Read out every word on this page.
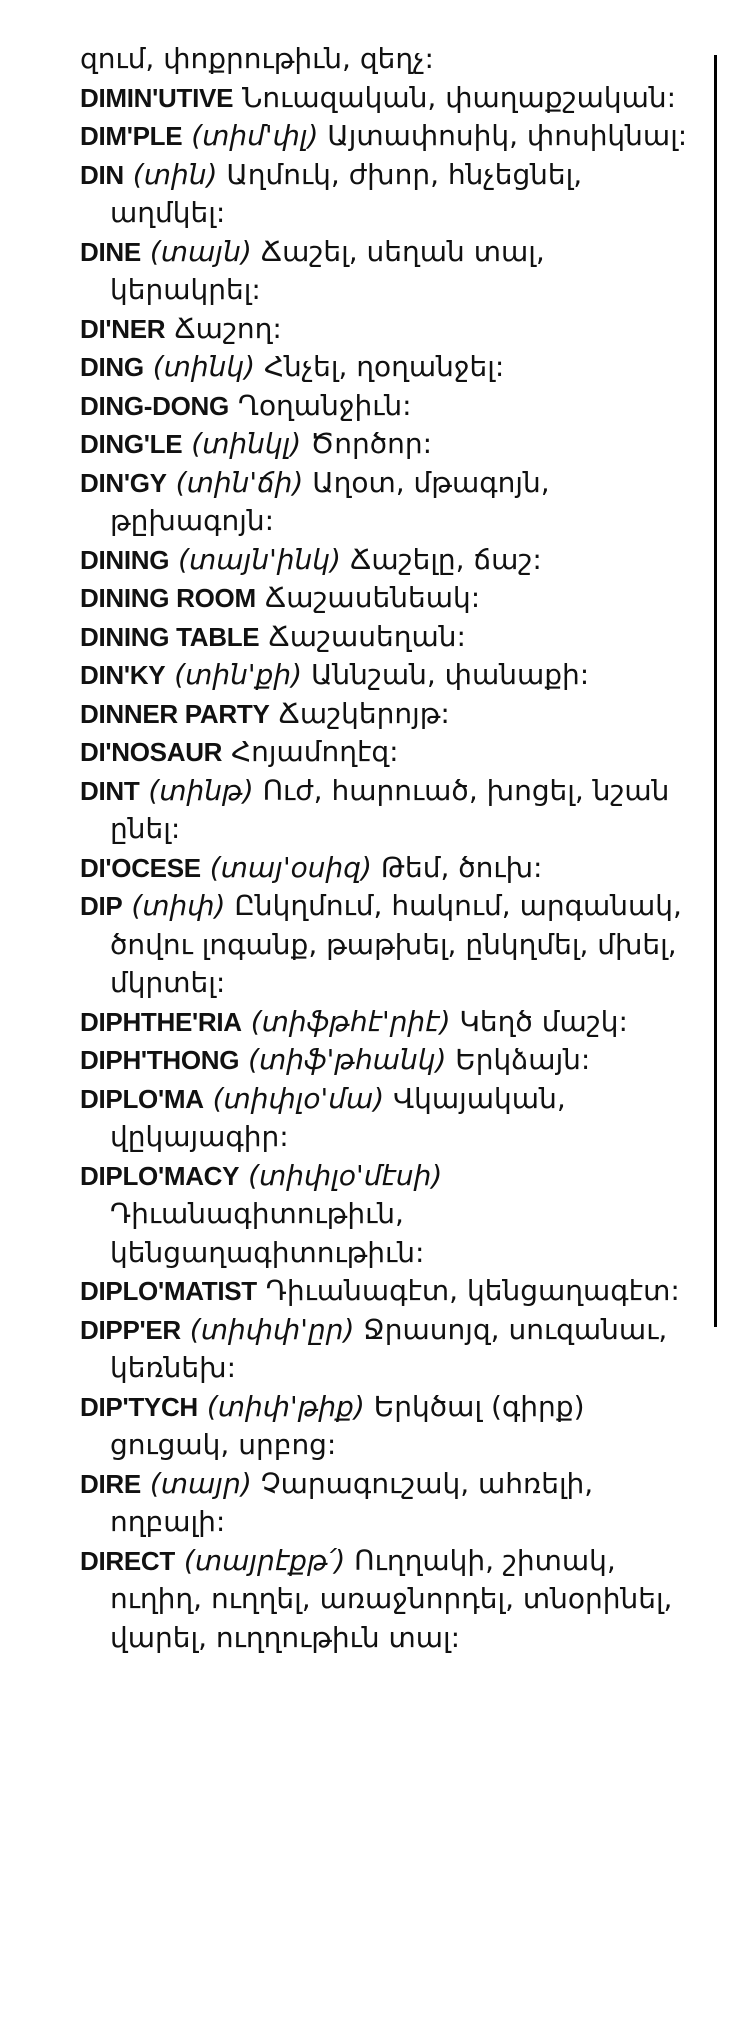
զում, փոքրութիւն, զեղչ:

DIMIN'UTIVE Նուազական, փաղաքշական:

DIM'PLE (տիմ'փլ) Այտափոսիկ, փոսիկնալ:

DIN (տին) Աղմուկ, ժխոր, հնչեցնել, աղմկել:

DINE (տայն) Ճաշել, սեղան տալ, կերակրել:

DI'NER Ճաշող:

DING (տինկ) Հնչել, ղօղանջել:

DING-DONG Ղօղանջիւն:

DING'LE (տինկլ) Ծործոր:

DIN'GY (տին'ճի) Աղօտ, մթագոյն, թըխագոյն:

DINING (տայն'ինկ) Ճաշելը, ճաշ:

DINING ROOM Ճաշասենեակ:

DINING TABLE Ճաշասեղան:

DIN'KY (տին'քի) Աննշան, փանաքի:

DINNER PARTY Ճաշկերոյթ:

DI'NOSAUR Հոյամողէզ:

DINT (տինթ) Ուժ, հարուած, խոցել, նշան ընել:

DI'OCESE (տայ'օսիզ) Թեմ, ծուխ:

DIP (տիփ) Ընկղմում, հակում, արգանակ, ծովու լոգանք, թաթխել, ընկղմել, մխել, մկրտել:

DIPHTHE'RIA (տիֆթհէ'րիէ) Կեղծ մաշկ:

DIPH'THONG (տիֆ'թհանկ) Երկձայն:

DIPLO'MA (տիփլօ'մա) Վկայական, վըկայագիր:

DIPLO'MACY (տիփլօ'մէսի) Դիւանագիտութիւն, կենցաղագիտութիւն:

DIPLO'MATIST Դիւանագէտ, կենցաղագէտ:

DIPP'ER (տիփփ'ըր) Ջրասոյզ, սուզանաւ, կեռնեխ:

DIP'TYCH (տիփ'թիք) Երկծալ (գիրք) ցուցակ, սրբոց:

DIRE (տայր) Չարագուշակ, ահռելի, ողբալի:

DIRECT (տայրէքթ՛) Ուղղակի, շիտակ, ուղիղ, ուղղել, առաջնորդել, տնօրինել, վարել, ուղղութիւն տալ:
